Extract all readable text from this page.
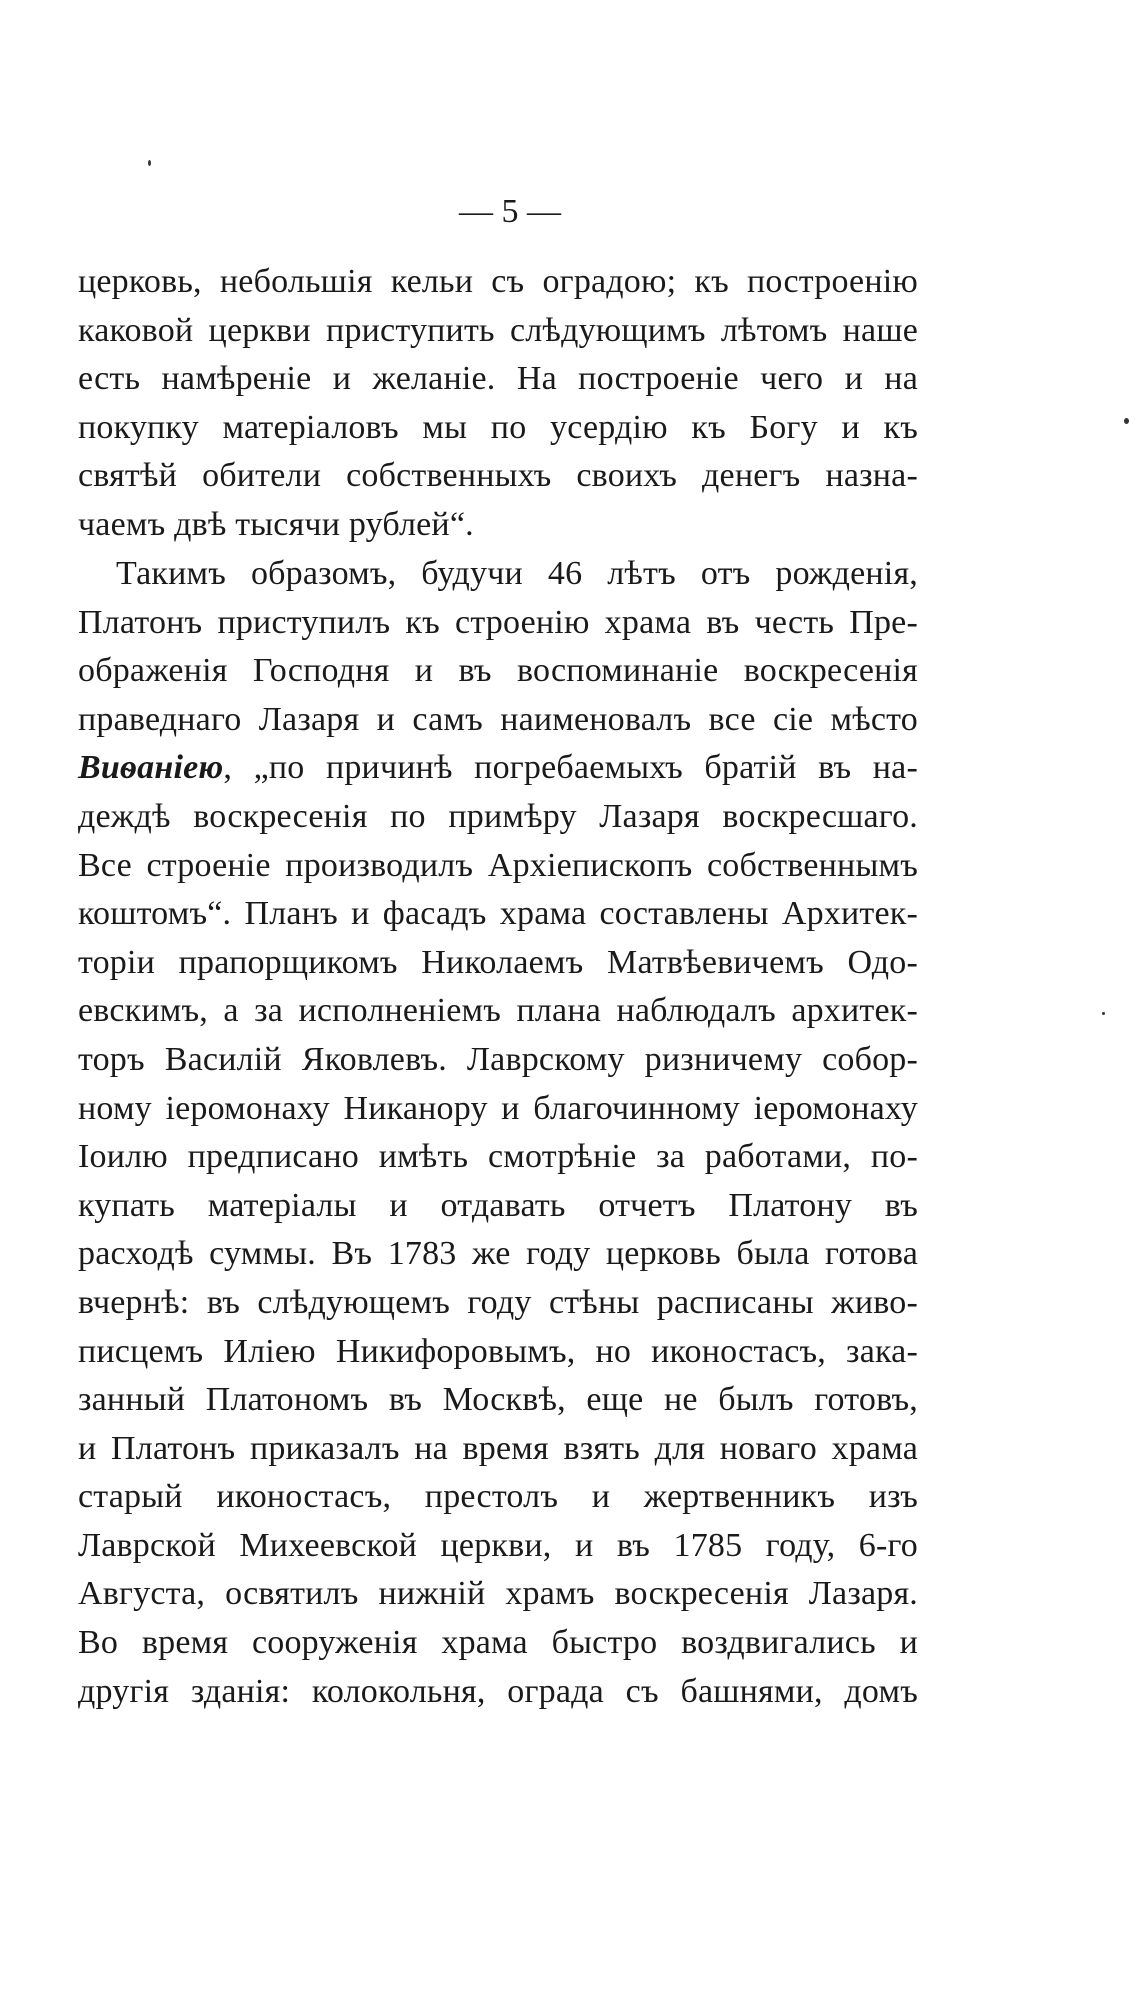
— 5 —
церковь, небольшія кельи съ оградою; къ построенію
каковой церкви приступить слѣдующимъ лѣтомъ наше
есть намѣреніе и желаніе. На построеніе чего и на
покупку матеріаловъ мы по усердію къ Богу и къ
святѣй обители собственныхъ своихъ денегъ назна-
чаемъ двѣ тысячи рублей“.
Такимъ образомъ, будучи 46 лѣтъ отъ рожденія,
Платонъ приступилъ къ строенію храма въ честь Пре-
ображенія Господня и въ воспоминаніе воскресенія
праведнаго Лазаря и самъ наименовалъ все сіе мѣсто
Виѳаніею, „по причинѣ погребаемыхъ братій въ на-
деждѣ воскресенія по примѣру Лазаря воскресшаго.
Все строеніе производилъ Архіепископъ собственнымъ
коштомъ“. Планъ и фасадъ храма составлены Архитек-
торіи прапорщикомъ Николаемъ Матвѣевичемъ Одо-
евскимъ, а за исполненіемъ плана наблюдалъ архитек-
торъ Василій Яковлевъ. Лаврскому ризничему собор-
ному іеромонаху Никанору и благочинному іеромонаху
Іоилю предписано имѣть смотрѣніе за работами, по-
купать матеріалы и отдавать отчетъ Платону въ
расходѣ суммы. Въ 1783 же году церковь была готова
вчернѣ: въ слѣдующемъ году стѣны расписаны живо-
писцемъ Иліею Никифоровымъ, но иконостасъ, зака-
занный Платономъ въ Москвѣ, еще не былъ готовъ,
и Платонъ приказалъ на время взять для новаго храма
старый иконостасъ, престолъ и жертвенникъ изъ
Лаврской Михеевской церкви, и въ 1785 году, 6-го
Августа, освятилъ нижній храмъ воскресенія Лазаря.
Во время сооруженія храма быстро воздвигались и
другія зданія: колокольня, ограда съ башнями, домъ
